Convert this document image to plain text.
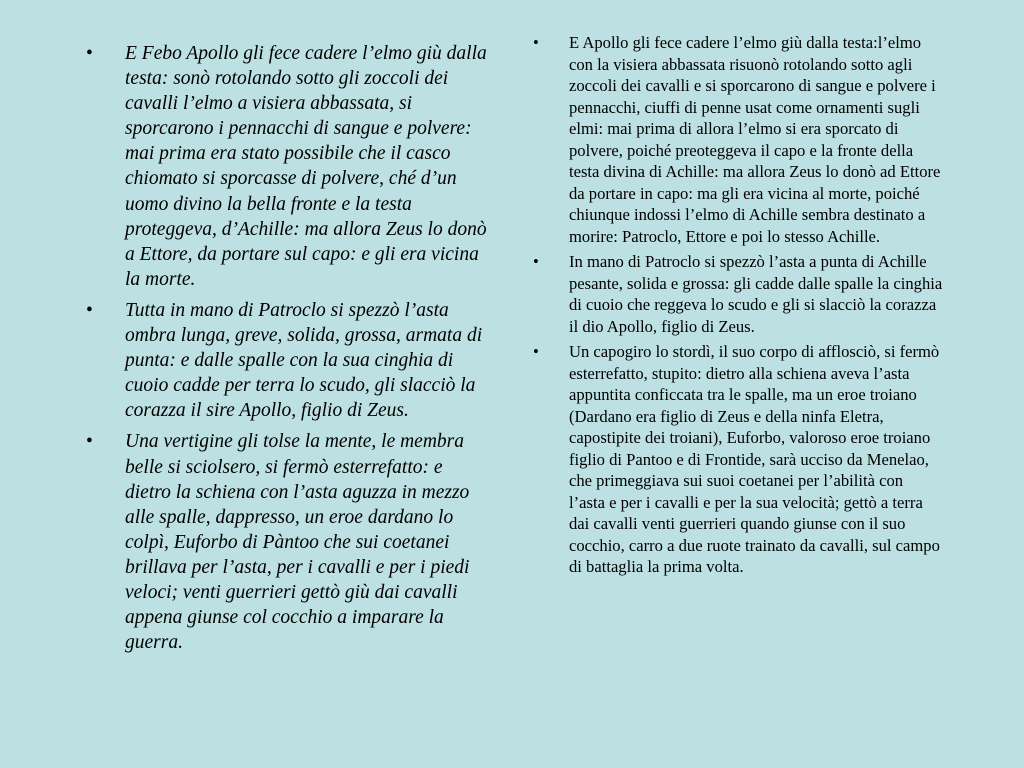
• E Febo Apollo gli fece cadere l’elmo giù dalla testa: sonò rotolando sotto gli zoccoli dei cavalli l’elmo a visiera abbassata, si sporcarono i pennacchi di sangue e polvere: mai prima era stato possibile che il casco chiomato si sporcasse di polvere, ché d’un uomo divino la bella fronte e la testa proteggeva, d’Achille: ma allora Zeus lo donò a Ettore, da portare sul capo: e gli era vicina la morte.
• Tutta in mano di Patroclo si spezzò l’asta ombra lunga, greve, solida, grossa, armata di punta: e dalle spalle con la sua cinghia di cuoio cadde per terra lo scudo, gli slacciò la corazza il sire Apollo, figlio di Zeus.
• Una vertigine gli tolse la mente, le membra belle si sciolsero, si fermò esterrefatto: e dietro la schiena con l’asta aguzza in mezzo alle spalle, dappresso, un eroe dardano lo colpì, Euforbo di Pàntoo che sui coetanei brillava per l’asta, per i cavalli e per i piedi veloci; venti guerrieri gettò giù dai cavalli appena giunse col cocchio a imparare la guerra.
• E Apollo gli fece cadere l’elmo giù dalla testa:l’elmo con la visiera abbassata risuonò rotolando sotto agli zoccoli dei cavalli e si sporcarono di sangue e polvere i pennacchi, ciuffi di penne usat come ornamenti sugli elmi: mai prima di allora l’elmo si era sporcato di polvere, poiché preoteggeva il capo e la fronte della testa divina di Achille: ma allora Zeus lo donò ad Ettore da portare in capo: ma gli era vicina al morte, poiché chiunque indossi l’elmo di Achille sembra destinato a morire: Patroclo, Ettore e poi lo stesso Achille.
• In mano di Patroclo si spezzò l’asta a punta di Achille pesante, solida e grossa: gli cadde dalle spalle la cinghia di cuoio che reggeva lo scudo e gli si slacciò la corazza il dio Apollo, figlio di Zeus.
• Un capogiro lo stordì, il suo corpo di afflosciò, si fermò esterrefatto, stupito: dietro alla schiena aveva l’asta appuntita conficcata tra le spalle, ma un eroe troiano (Dardano era figlio di Zeus e della ninfa Eletra, capostipite dei troiani), Euforbo, valoroso eroe troiano figlio di Pantoo e di Frontide, sarà ucciso da Menelao, che primeggiava sui suoi coetanei per l’abilità con l’asta e per i cavalli e per la sua velocità; gettò a terra dai cavalli venti guerrieri quando giunse con il suo cocchio, carro a due ruote trainato da cavalli, sul campo di battaglia la prima volta.
